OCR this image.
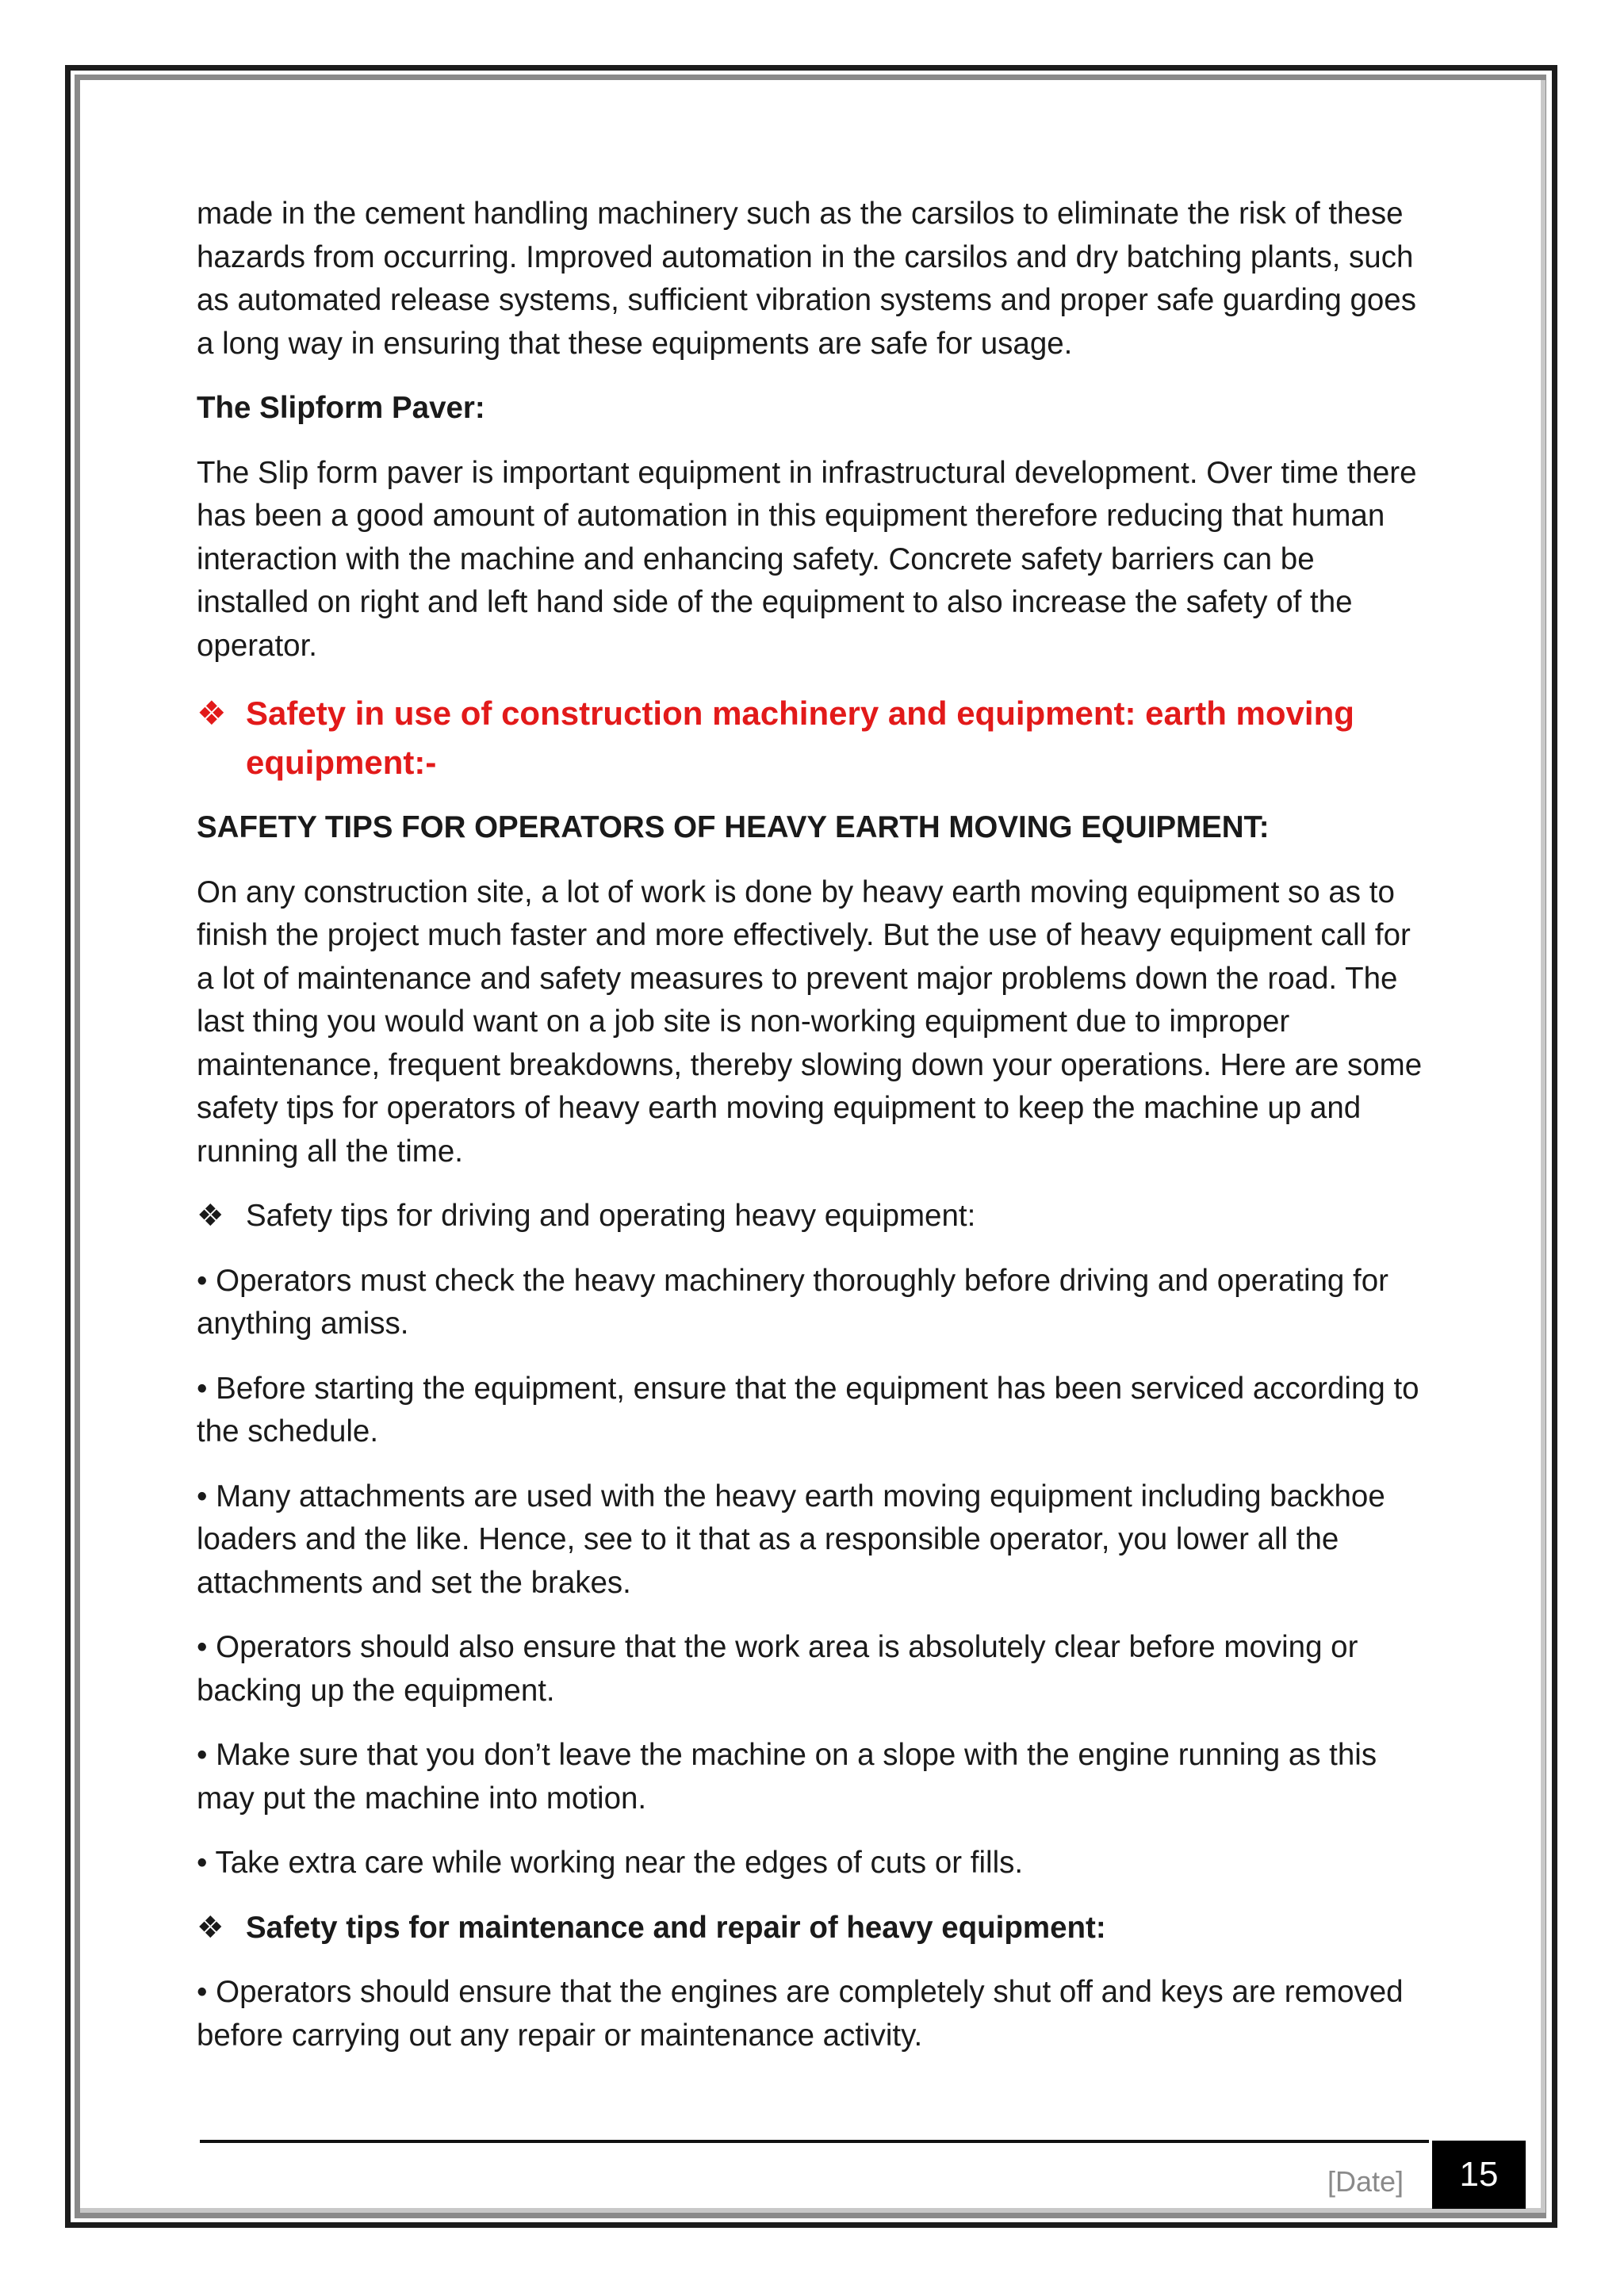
made in the cement handling machinery such as the carsilos to eliminate the risk of these hazards from occurring. Improved automation in the carsilos and dry batching plants, such as automated release systems, sufficient vibration systems and proper safe guarding goes a long way in ensuring that these equipments are safe for usage.

The Slipform Paver:

The Slip form paver is important equipment in infrastructural development. Over time there has been a good amount of automation in this equipment therefore reducing that human interaction with the machine and enhancing safety. Concrete safety barriers can be installed on right and left hand side of the equipment to also increase the safety of the operator.

❖ Safety in use of construction machinery and equipment: earth moving equipment:-

SAFETY TIPS FOR OPERATORS OF HEAVY EARTH MOVING EQUIPMENT:

On any construction site, a lot of work is done by heavy earth moving equipment so as to finish the project much faster and more effectively. But the use of heavy equipment call for a lot of maintenance and safety measures to prevent major problems down the road. The last thing you would want on a job site is non-working equipment due to improper maintenance, frequent breakdowns, thereby slowing down your operations. Here are some safety tips for operators of heavy earth moving equipment to keep the machine up and running all the time.

❖ Safety tips for driving and operating heavy equipment:

• Operators must check the heavy machinery thoroughly before driving and operating for anything amiss.

• Before starting the equipment, ensure that the equipment has been serviced according to the schedule.

• Many attachments are used with the heavy earth moving equipment including backhoe loaders and the like. Hence, see to it that as a responsible operator, you lower all the attachments and set the brakes.

• Operators should also ensure that the work area is absolutely clear before moving or backing up the equipment.

• Make sure that you don’t leave the machine on a slope with the engine running as this may put the machine into motion.

• Take extra care while working near the edges of cuts or fills.

❖ Safety tips for maintenance and repair of heavy equipment:

• Operators should ensure that the engines are completely shut off and keys are removed before carrying out any repair or maintenance activity.

[Date]	15
